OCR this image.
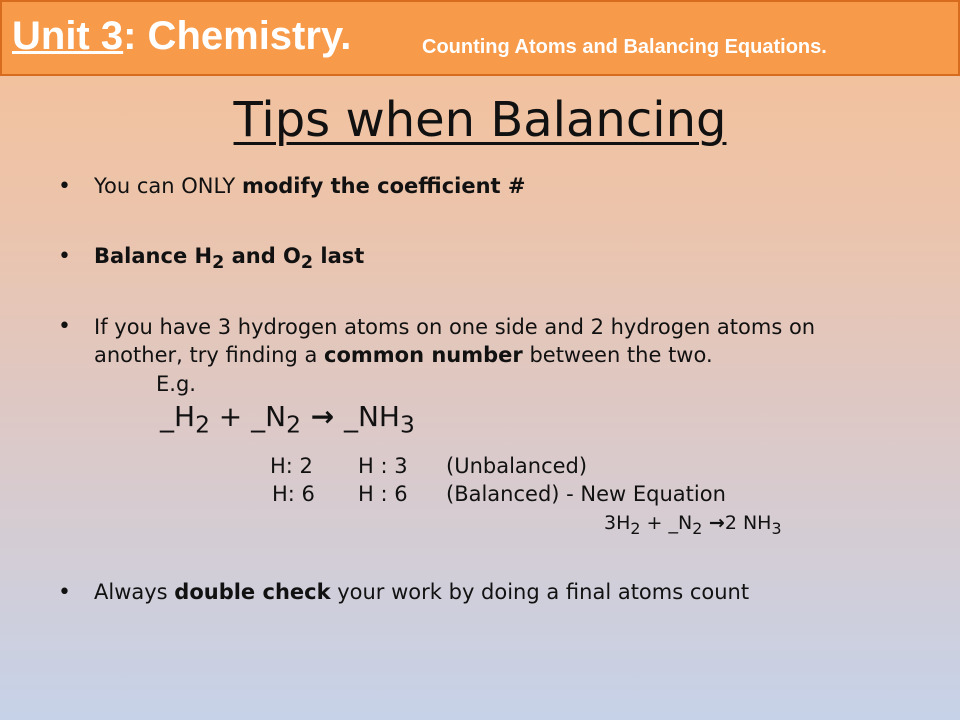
Unit 3: Chemistry.	Counting Atoms and Balancing Equations.
Tips when Balancing
• You can ONLY modify the coefficient #
• Balance $H_2$ and $O_2$ last
• If you have 3 hydrogen atoms on one side and 2 hydrogen atoms on
another, try finding a common number between the two.
E.g.
$\_H_2$ + $\_N_2$ → $\_NH_3$
H: 2 H : 3 (Unbalanced)
H: 6 H : 6 (Balanced) - New Equation
$3H_2$ + $\_N_2 \to 2$ $NH_3$
• Always double check your work by doing a final atoms count
